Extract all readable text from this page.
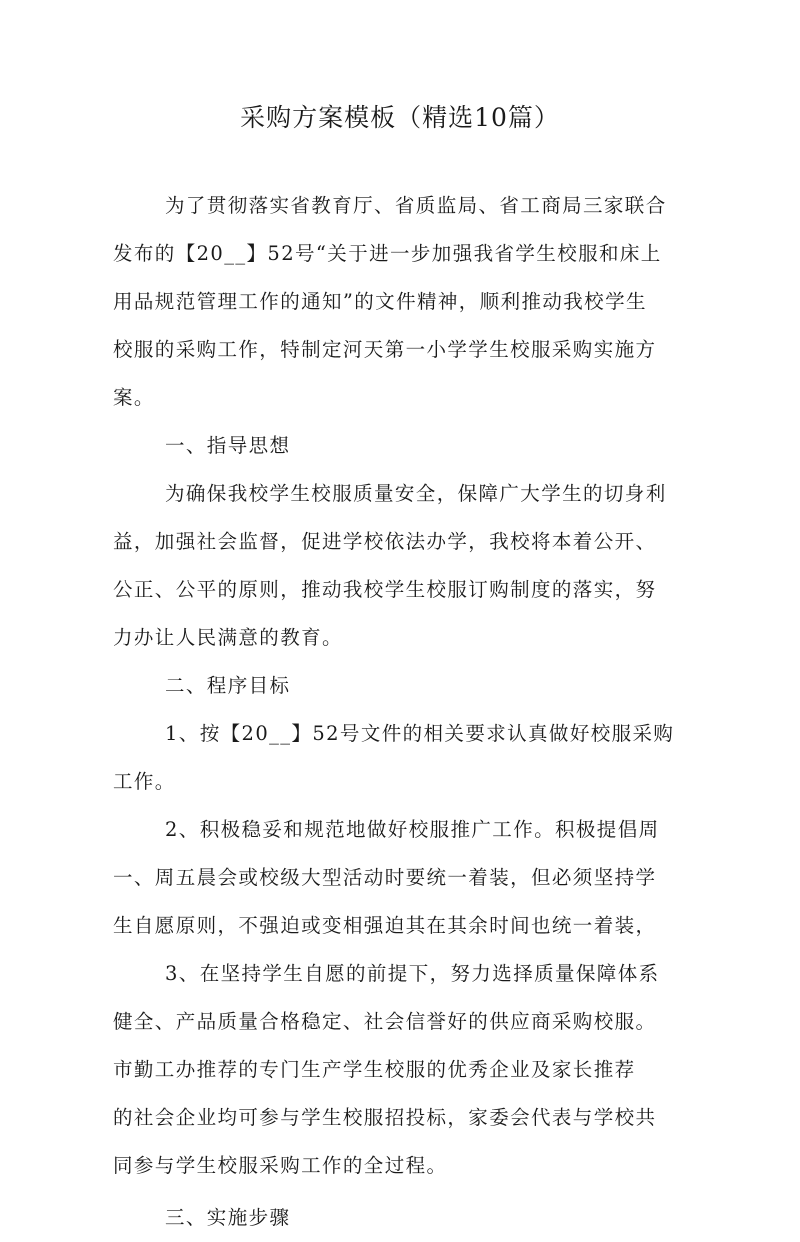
采购方案模板（精选10篇）
为了贯彻落实省教育厅、省质监局、省工商局三家联合
发布的【20__】52号“关于进一步加强我省学生校服和床上
用品规范管理工作的通知”的文件精神，顺利推动我校学生
校服的采购工作，特制定河天第一小学学生校服采购实施方
案。
一、指导思想
为确保我校学生校服质量安全，保障广大学生的切身利
益，加强社会监督，促进学校依法办学，我校将本着公开、
公正、公平的原则，推动我校学生校服订购制度的落实，努
力办让人民满意的教育。
二、程序目标
1、按【20__】52号文件的相关要求认真做好校服采购
工作。
2、积极稳妥和规范地做好校服推广工作。积极提倡周
一、周五晨会或校级大型活动时要统一着装，但必须坚持学
生自愿原则，不强迫或变相强迫其在其余时间也统一着装，
3、在坚持学生自愿的前提下，努力选择质量保障体系
健全、产品质量合格稳定、社会信誉好的供应商采购校服。
市勤工办推荐的专门生产学生校服的优秀企业及家长推荐
的社会企业均可参与学生校服招投标，家委会代表与学校共
同参与学生校服采购工作的全过程。
三、实施步骤
